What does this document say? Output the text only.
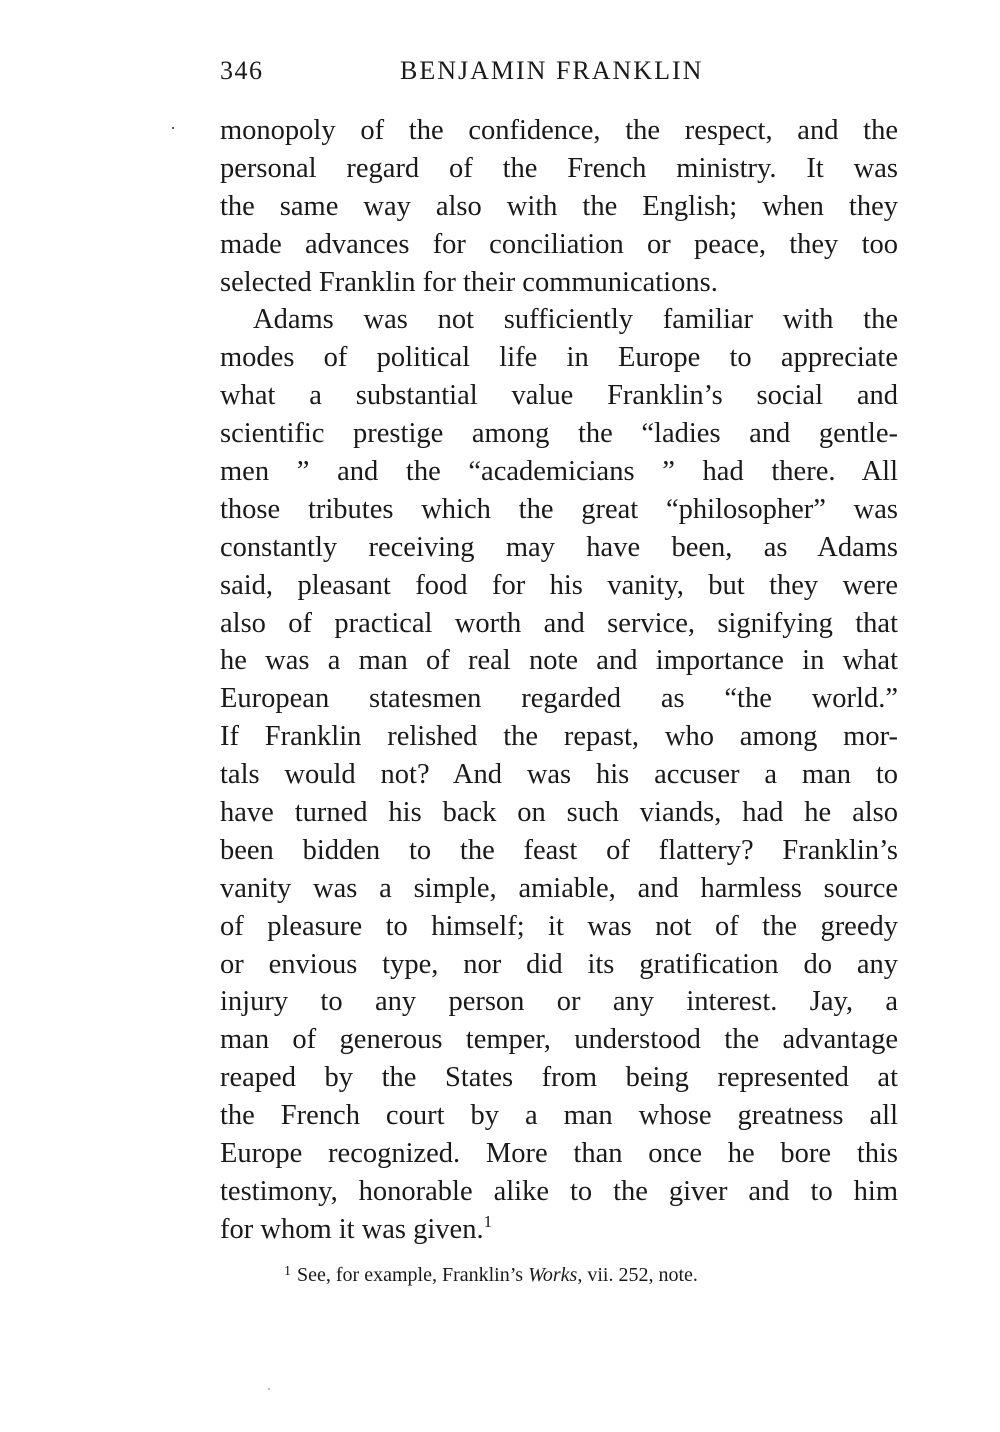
346	BENJAMIN FRANKLIN
· monopoly of the confidence, the respect, and the
personal regard of the French ministry. It was
the same way also with the English; when they
made advances for conciliation or peace, they too
selected Franklin for their communications.
Adams was not sufficiently familiar with the
modes of political life in Europe to appreciate
what a substantial value Franklin’s social and
scientific prestige among the “ladies and gentle-
men ” and the “academicians ” had there. All
those tributes which the great “philosopher” was
constantly receiving may have been, as Adams
said, pleasant food for his vanity, but they were
also of practical worth and service, signifying that
he was a man of real note and importance in what
European statesmen regarded as “the world.”
If Franklin relished the repast, who among mor-
tals would not? And was his accuser a man to
have turned his back on such viands, had he also
been bidden to the feast of flattery? Franklin’s
vanity was a simple, amiable, and harmless source
of pleasure to himself; it was not of the greedy
or envious type, nor did its gratification do any
injury to any person or any interest. Jay, a
man of generous temper, understood the advantage
reaped by the States from being represented at
the French court by a man whose greatness all
Europe recognized. More than once he bore this
testimony, honorable alike to the giver and to him
for whom it was given.$^1$
$^1$ See, for example, Franklin’s Works, vii. 252, note.
